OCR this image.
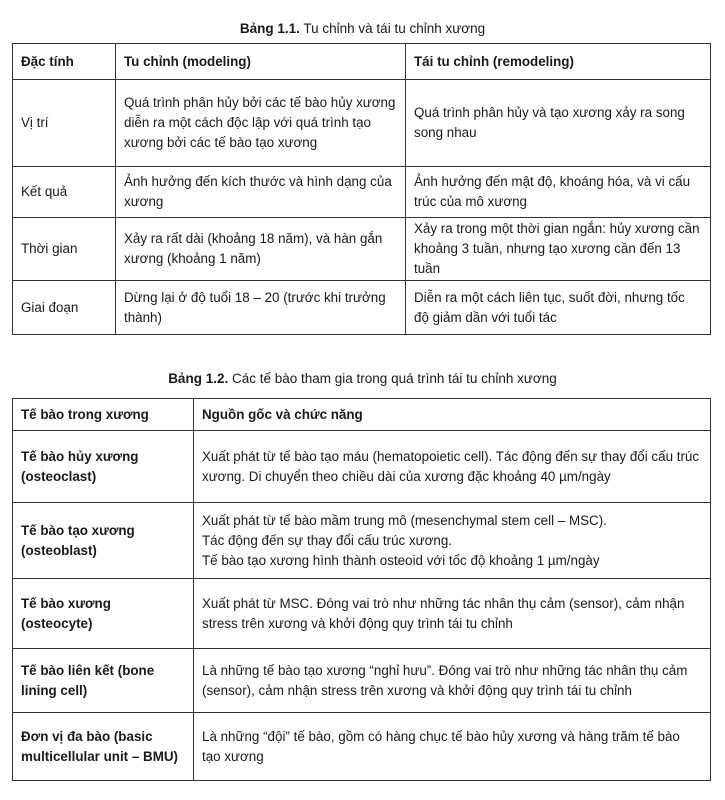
Bảng 1.1. Tu chỉnh và tái tu chỉnh xương
Đặc tính	Tu chỉnh (modeling)	Tái tu chỉnh (remodeling)
Vị trí	Quá trình phân hủy bởi các tế bào hủy xương diễn ra một cách độc lập với quá trình tạo xương bởi các tế bào tạo xương	Quá trình phân hủy và tạo xương xảy ra song song nhau
Kết quả	Ảnh hưởng đến kích thước và hình dạng của xương	Ảnh hưởng đến mật độ, khoáng hóa, và vi cấu trúc của mô xương
Thời gian	Xảy ra rất dài (khoảng 18 năm), và hàn gắn xương (khoảng 1 năm)	Xảy ra trong một thời gian ngắn: hủy xương cần khoảng 3 tuần, nhưng tạo xương cần đến 13 tuần
Giai đoạn	Dừng lại ở độ tuổi 18 – 20 (trước khi trưởng thành)	Diễn ra một cách liên tục, suốt đời, nhưng tốc độ giảm dần với tuổi tác
Bảng 1.2. Các tế bào tham gia trong quá trình tái tu chỉnh xương
Tế bào trong xương	Nguồn gốc và chức năng
Tế bào hủy xương (osteoclast)	Xuất phát từ tế bào tạo máu (hematopoietic cell). Tác động đến sự thay đổi cấu trúc xương. Di chuyển theo chiều dài của xương đặc khoảng 40 µm/ngày

Tế bào tạo xương (osteoblast)	Xuất phát từ tế bào mầm trung mô (mesenchymal stem cell – MSC).
Tác động đến sự thay đổi cấu trúc xương.
Tế bào tạo xương hình thành osteoid với tốc độ khoảng 1 µm/ngày

Tế bào xương (osteocyte)	Xuất phát từ MSC. Đóng vai trò như những tác nhân thụ cảm (sensor), cảm nhận stress trên xương và khởi động quy trình tái tu chỉnh

Tế bào liên kết (bone lining cell)	Là những tế bào tạo xương “nghỉ hưu”. Đóng vai trò như những tác nhân thụ cảm (sensor), cảm nhận stress trên xương và khởi động quy trình tái tu chỉnh

Đơn vị đa bào (basic multicellular unit – BMU)	Là những “đội” tế bào, gồm có hàng chục tế bào hủy xương và hàng trăm tế bào tạo xương
